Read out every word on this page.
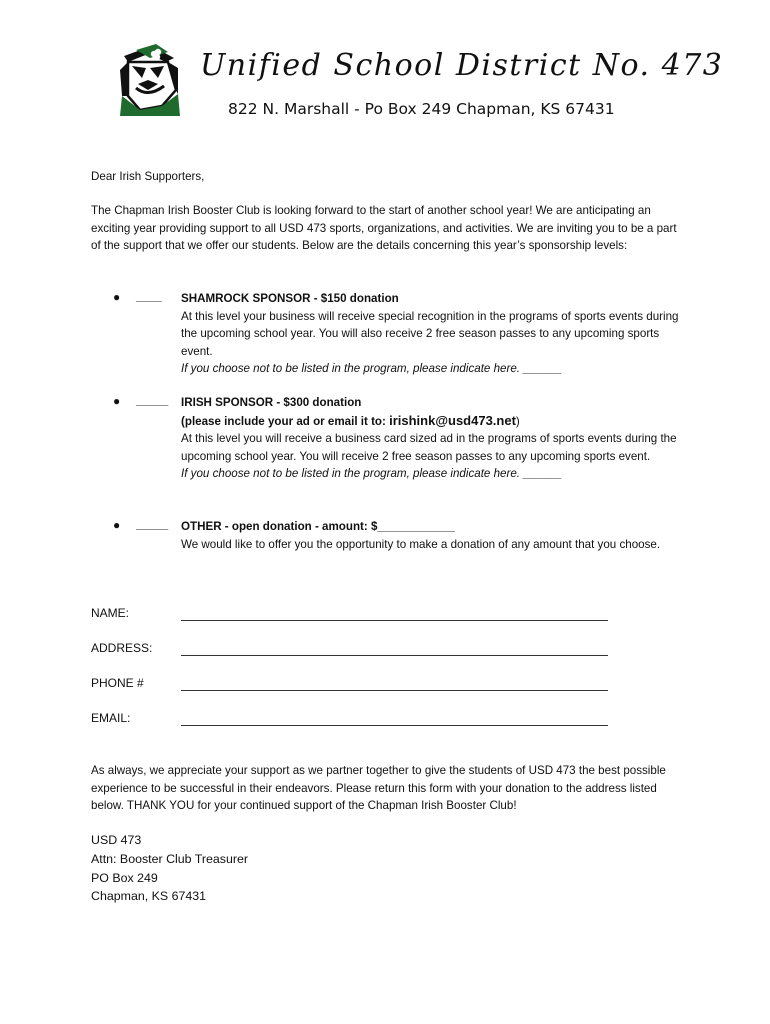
Unified School District No. 473
822 N. Marshall - Po Box 249 Chapman, KS 67431
Dear Irish Supporters,
The Chapman Irish Booster Club is looking forward to the start of another school year! We are anticipating an exciting year providing support to all USD 473 sports, organizations, and activities. We are inviting you to be a part of the support that we offer our students. Below are the details concerning this year’s sponsorship levels:
● ____ SHAMROCK SPONSOR - $150 donation
At this level your business will receive special recognition in the programs of sports events during the upcoming school year. You will also receive 2 free season passes to any upcoming sports event.
If you choose not to be listed in the program, please indicate here. ______
● _____ IRISH SPONSOR - $300 donation
(please include your ad or email it to: irishink@usd473.net)
At this level you will receive a business card sized ad in the programs of sports events during the upcoming school year. You will receive 2 free season passes to any upcoming sports event.
If you choose not to be listed in the program, please indicate here. ______
● _____ OTHER - open donation - amount: $____________
We would like to offer you the opportunity to make a donation of any amount that you choose.
NAME:
ADDRESS:
PHONE #
EMAIL:
As always, we appreciate your support as we partner together to give the students of USD 473 the best possible experience to be successful in their endeavors. Please return this form with your donation to the address listed below. THANK YOU for your continued support of the Chapman Irish Booster Club!
USD 473
Attn: Booster Club Treasurer
PO Box 249
Chapman, KS 67431
